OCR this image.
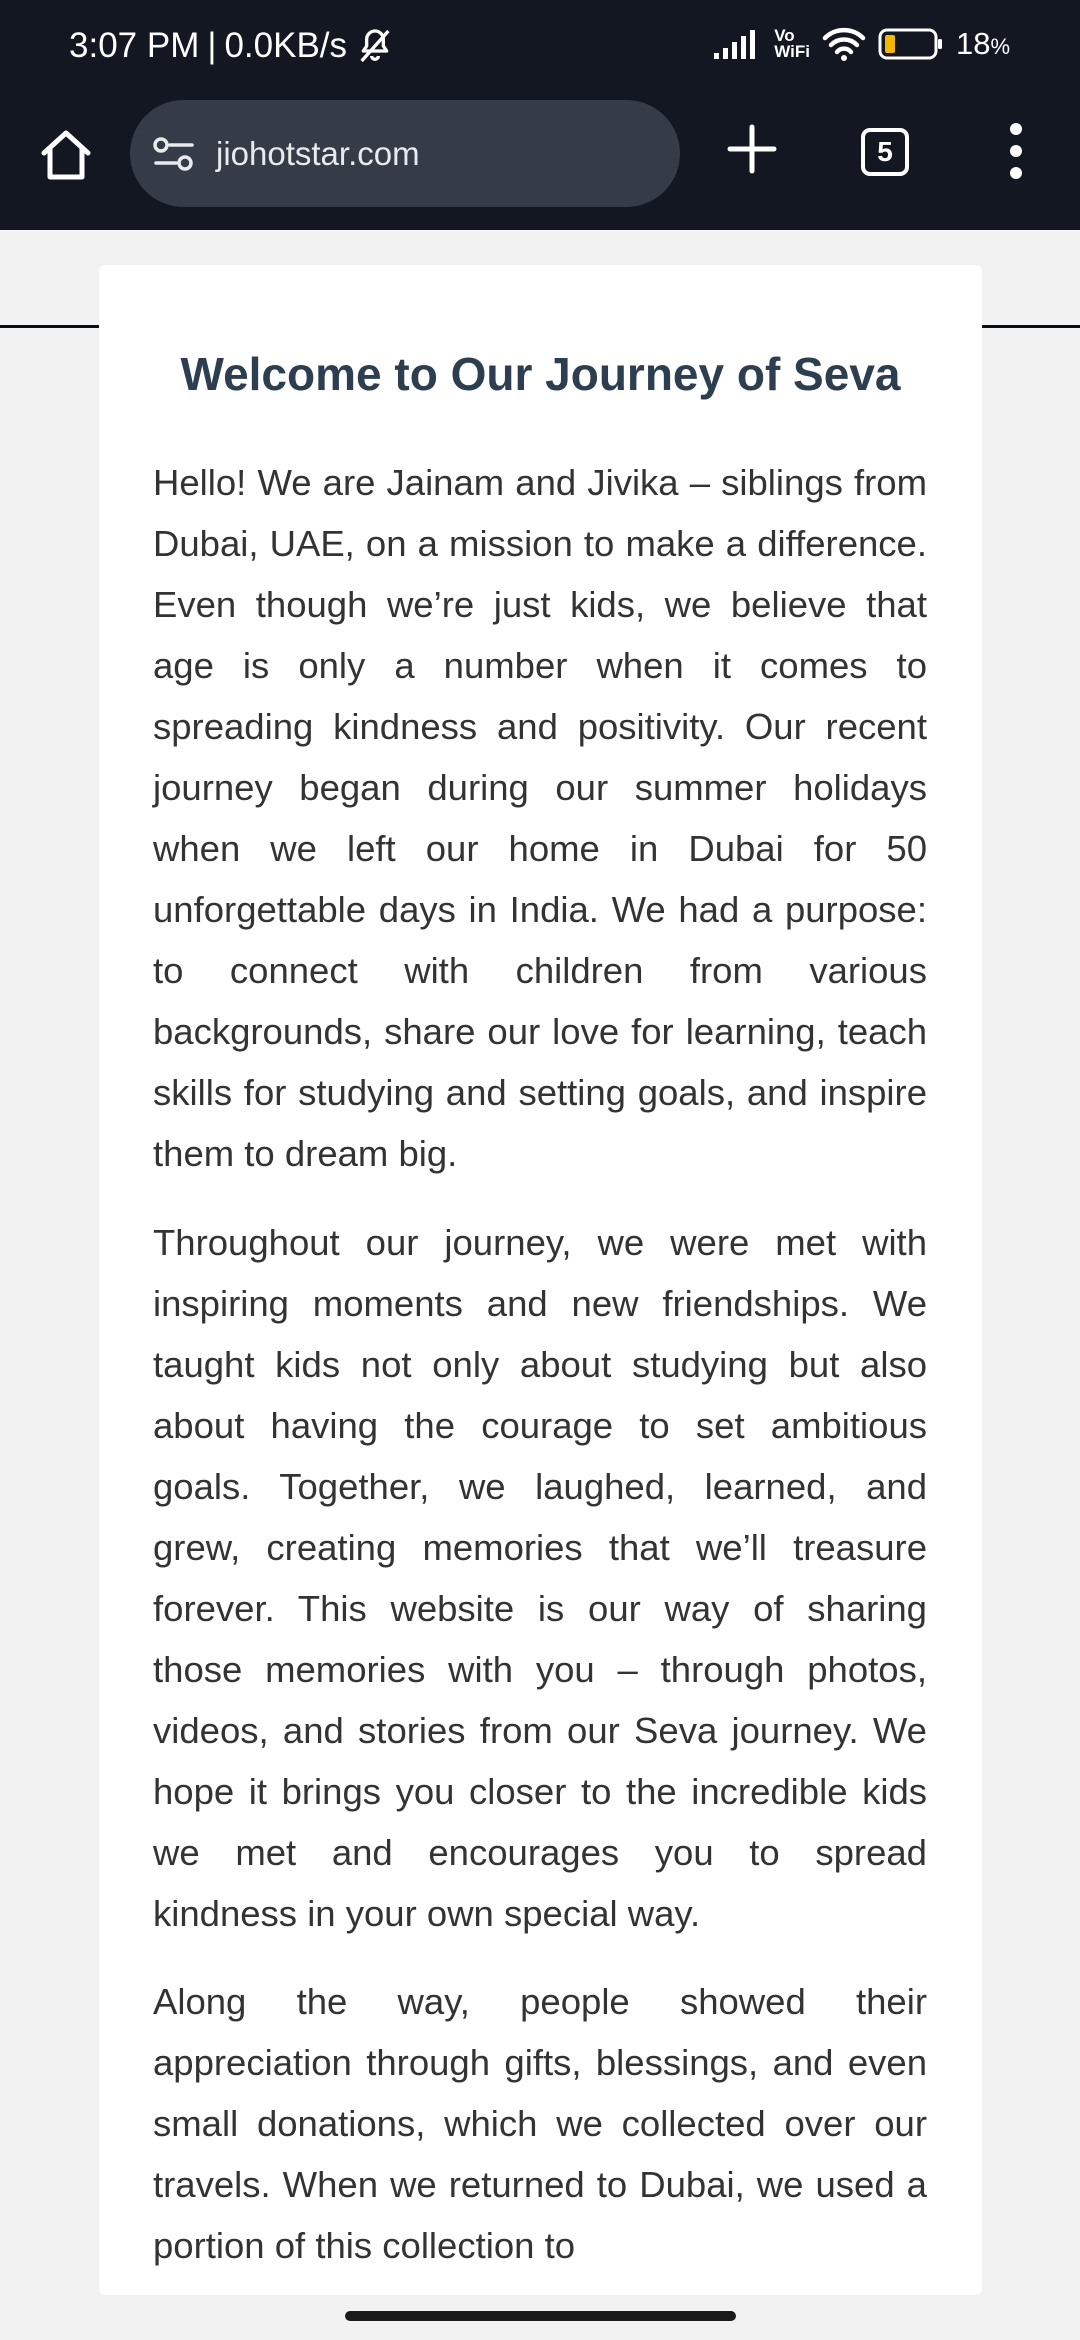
3:07 PM | 0.0KB/s	Vo
WiFi	18%
jiohotstar.com	5
Welcome to Our Journey of Seva

Hello! We are Jainam and Jivika – siblings from Dubai, UAE, on a mission to make a difference. Even though we’re just kids, we believe that age is only a number when it comes to spreading kindness and positivity. Our recent journey began during our summer holidays when we left our home in Dubai for 50 unforgettable days in India. We had a purpose: to connect with children from various backgrounds, share our love for learning, teach skills for studying and setting goals, and inspire them to dream big.

Throughout our journey, we were met with inspiring moments and new friendships. We taught kids not only about studying but also about having the courage to set ambitious goals. Together, we laughed, learned, and grew, creating memories that we’ll treasure forever. This website is our way of sharing those memories with you – through photos, videos, and stories from our Seva journey. We hope it brings you closer to the incredible kids we met and encourages you to spread kindness in your own special way.

Along the way, people showed their appreciation through gifts, blessings, and even small donations, which we collected over our travels. When we returned to Dubai, we used a portion of this collection to
